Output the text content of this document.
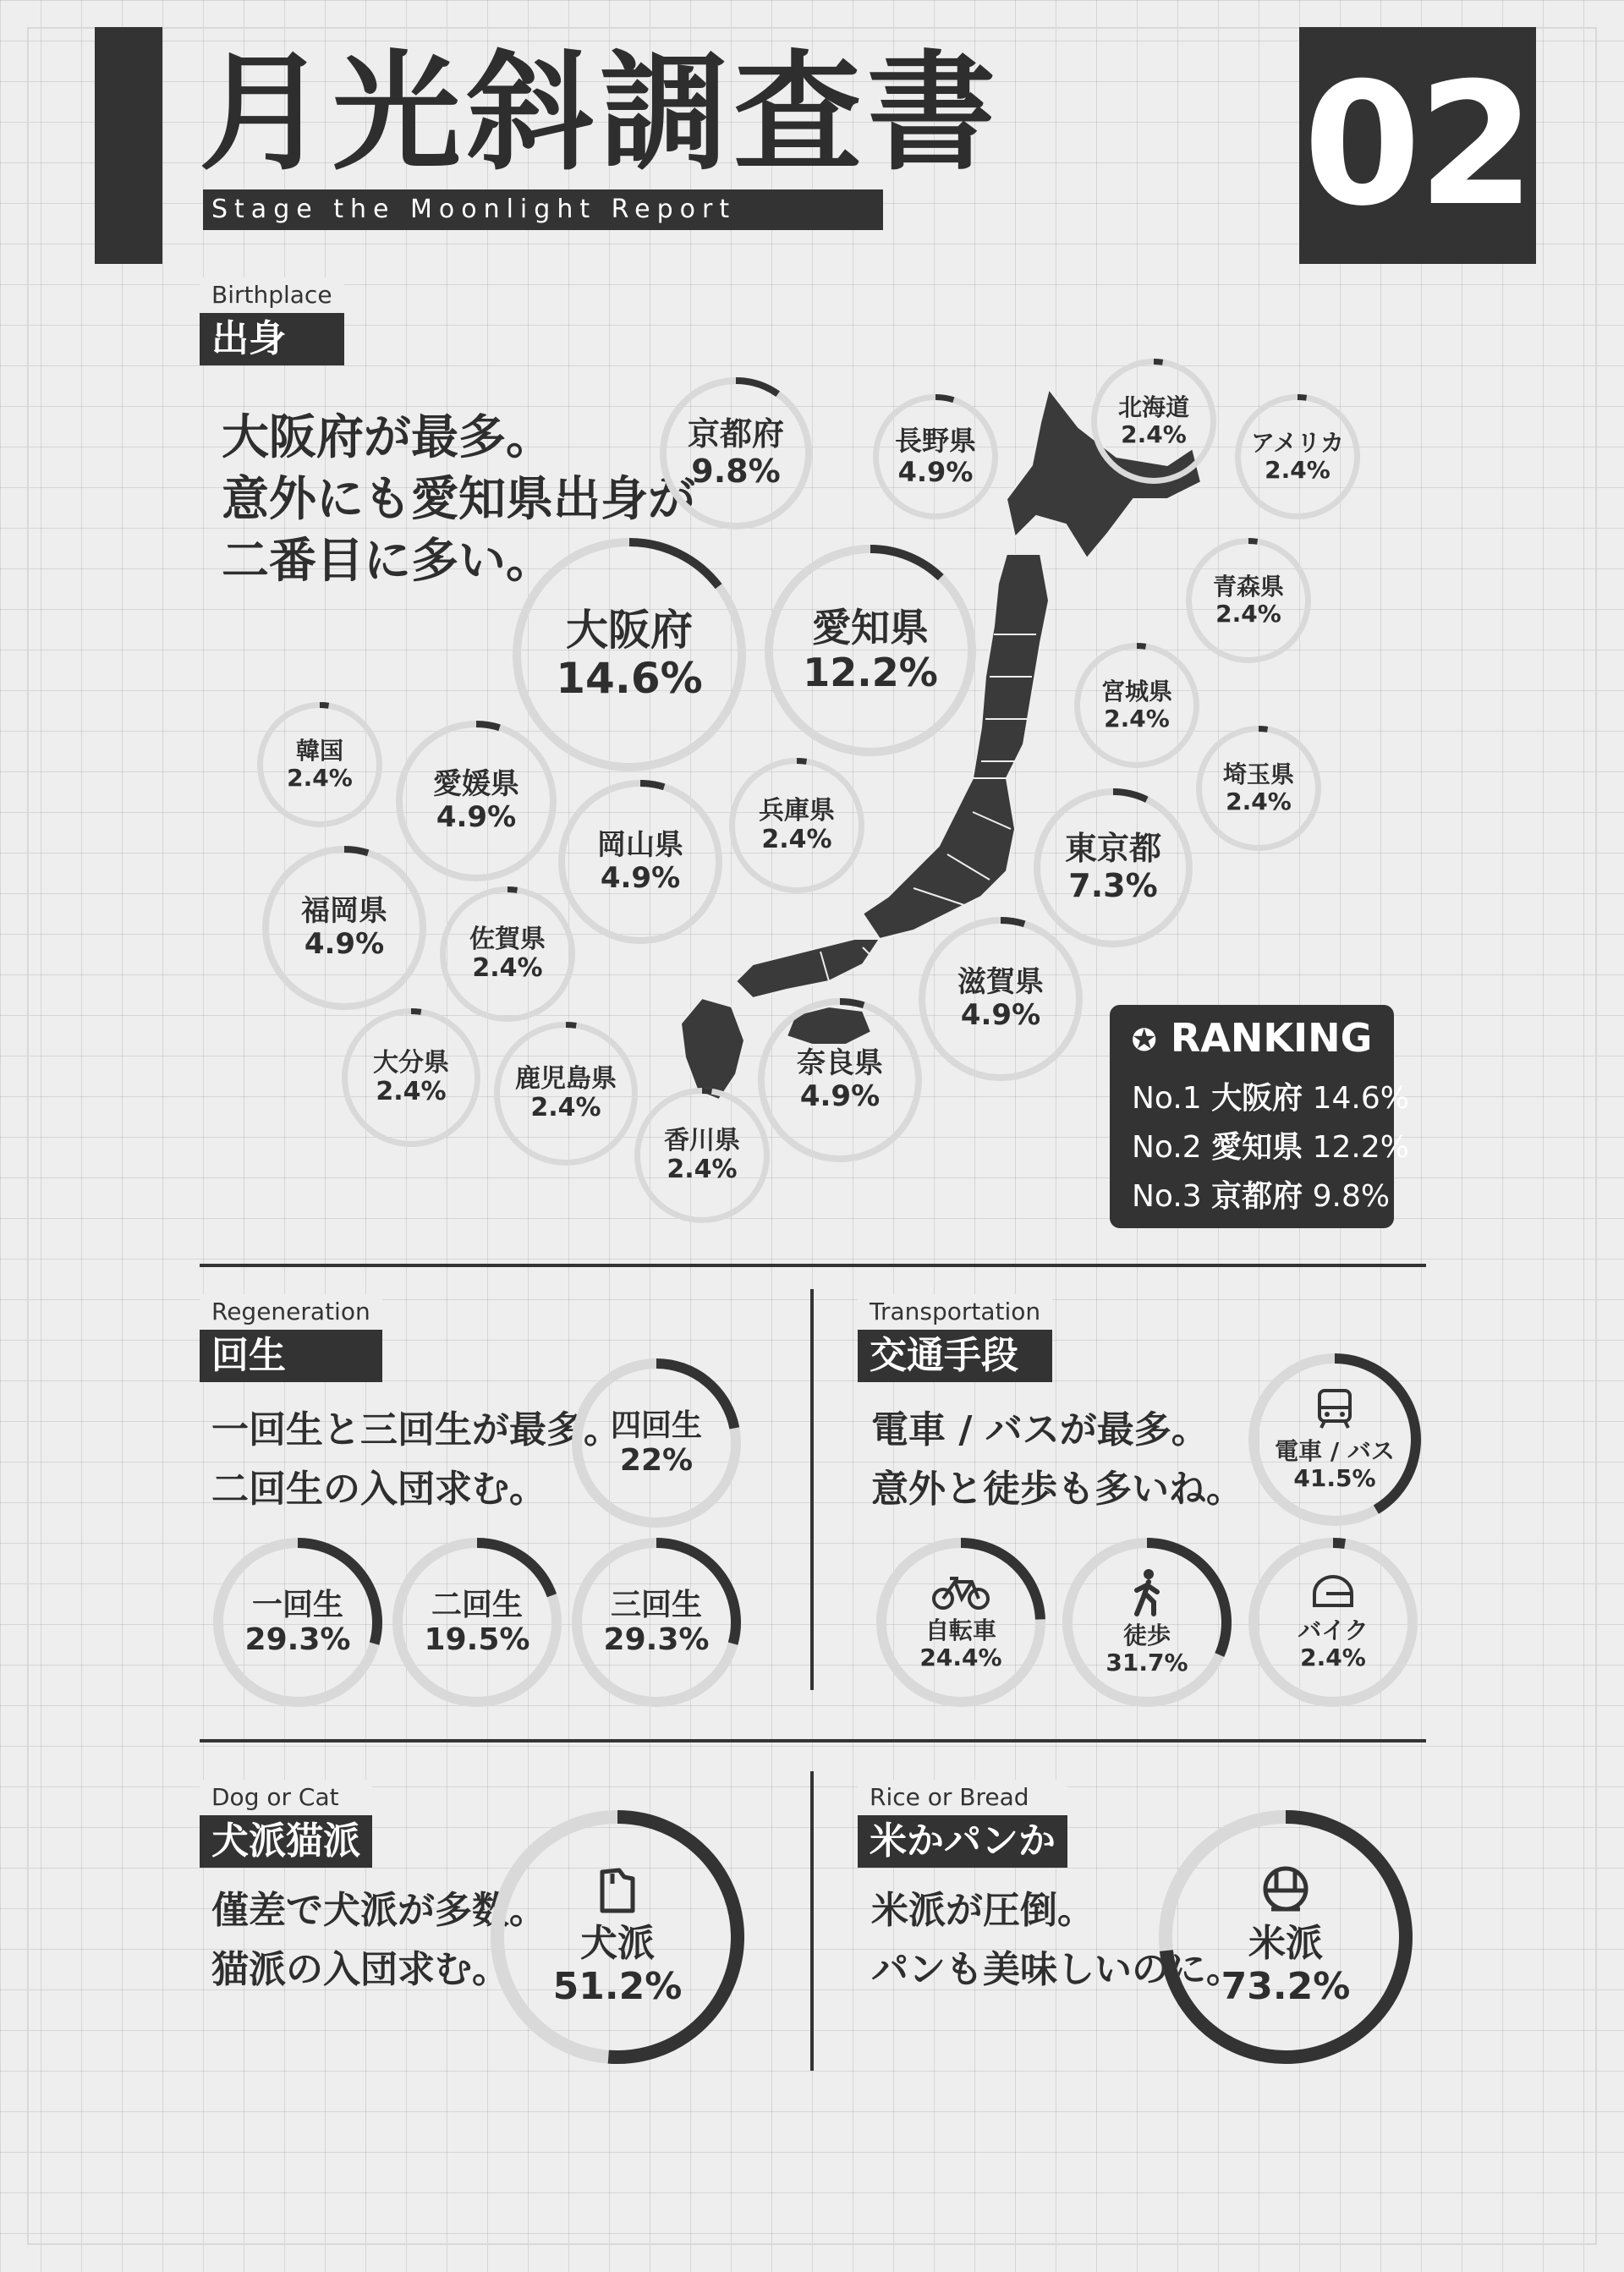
月光斜調査書
Stage the Moonlight Report	02
Birthplace
出身
大阪府が最多。
意外にも愛知県出身が
二番目に多い。
京都府
9.8%
長野県
4.9%
北海道
2.4%	アメリカ
2.4%
大阪府
14.6%
愛知県
12.2%
青森県
2.4%
宮城県
2.4%
韓国
2.4%	愛媛県
4.9%	兵庫県
2.4%
埼玉県
2.4%
岡山県
4.9%
東京都
7.3%
福岡県
4.9%	佐賀県
2.4%	滋賀県
4.9%
大分県
2.4%	鹿児島県
2.4%
奈良県
4.9%
香川県
2.4%
✪ RANKING
No.1 大阪府 14.6%
No.2 愛知県 12.2%
No.3 京都府 9.8%
Regeneration
回生
一回生と三回生が最多。
二回生の入団求む。
四回生
22%
一回生
29.3%
二回生
19.5%
三回生
29.3%
Transportation
交通手段
電車 / バスが最多。
意外と徒歩も多いね。
電車 / バス
41.5%
自転車
24.4%
徒歩
31.7%
バイク
2.4%
Dog or Cat
犬派猫派
僅差で犬派が多数。
猫派の入団求む。
犬派
51.2%
Rice or Bread
米かパンか
米派が圧倒。
パンも美味しいのに。
米派
73.2%
